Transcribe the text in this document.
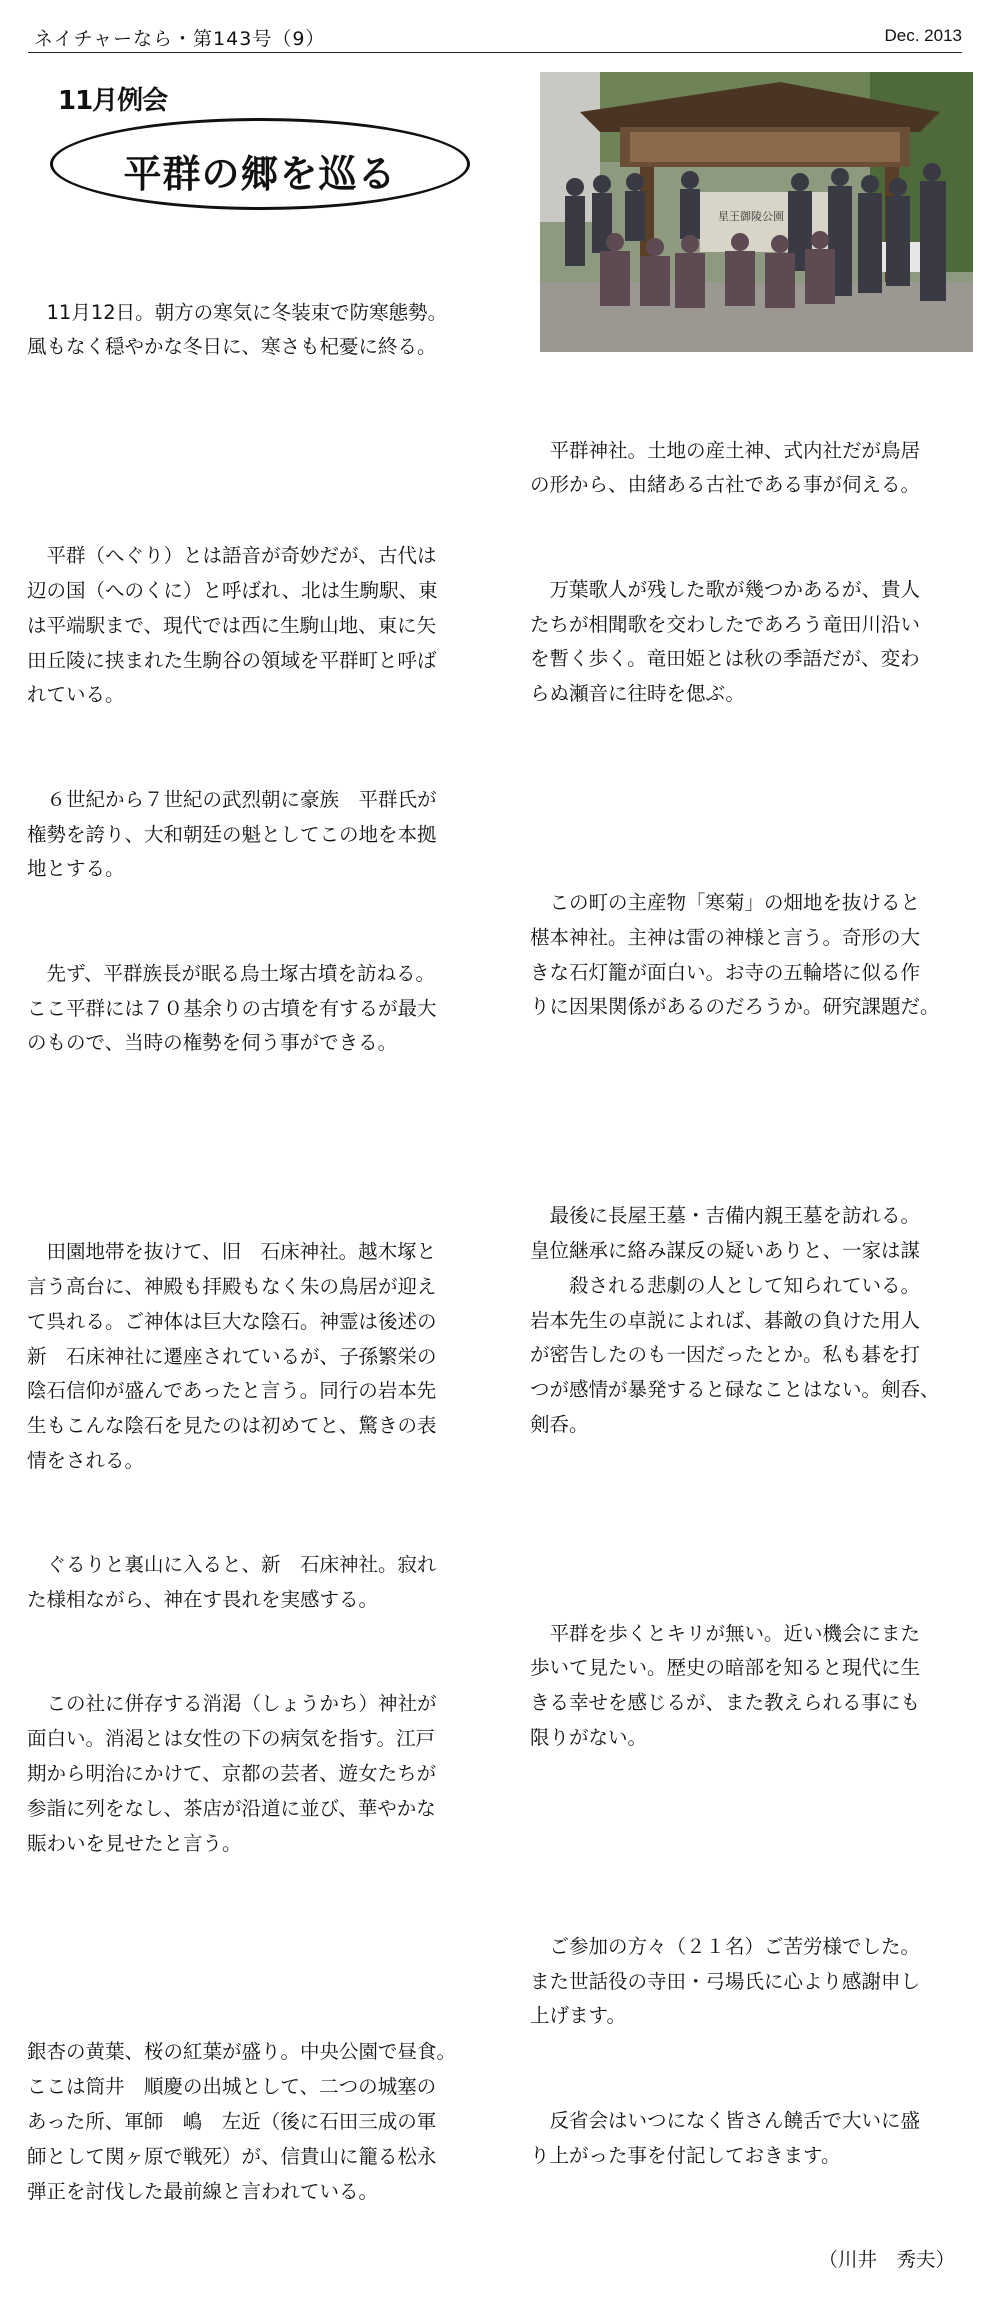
ネイチャーなら・第143号（9）	Dec. 2013
11月例会
平群の郷を巡る

　11月12日。朝方の寒気に冬装束で防寒態勢。
風もなく穏やかな冬日に、寒さも杞憂に終る。

　平群（へぐり）とは語音が奇妙だが、古代は
辺の国（へのくに）と呼ばれ、北は生駒駅、東
は平端駅まで、現代では西に生駒山地、東に矢
田丘陵に挟まれた生駒谷の領域を平群町と呼ば
れている。

　６世紀から７世紀の武烈朝に豪族　平群氏が
権勢を誇り、大和朝廷の魁としてこの地を本拠
地とする。

　先ず、平群族長が眠る烏土塚古墳を訪ねる。
ここ平群には７０基余りの古墳を有するが最大
のもので、当時の権勢を伺う事ができる。

　田園地帯を抜けて、旧　石床神社。越木塚と
言う高台に、神殿も拝殿もなく朱の鳥居が迎え
て呉れる。ご神体は巨大な陰石。神霊は後述の
新　石床神社に遷座されているが、子孫繁栄の
陰石信仰が盛んであったと言う。同行の岩本先
生もこんな陰石を見たのは初めてと、驚きの表
情をされる。

　ぐるりと裏山に入ると、新　石床神社。寂れ
た様相ながら、神在す畏れを実感する。

　この社に併存する消渇（しょうかち）神社が
面白い。消渇とは女性の下の病気を指す。江戸
期から明治にかけて、京都の芸者、遊女たちが
参詣に列をなし、茶店が沿道に並び、華やかな
賑わいを見せたと言う。

銀杏の黄葉、桜の紅葉が盛り。中央公園で昼食。
ここは筒井　順慶の出城として、二つの城塞の
あった所、軍師　嶋　左近（後に石田三成の軍
師として関ヶ原で戦死）が、信貴山に籠る松永
弾正を討伐した最前線と言われている。

星王御陵公園

　平群神社。土地の産土神、式内社だが鳥居
の形から、由緒ある古社である事が伺える。

　万葉歌人が残した歌が幾つかあるが、貴人
たちが相聞歌を交わしたであろう竜田川沿い
を暫く歩く。竜田姫とは秋の季語だが、変わ
らぬ瀬音に往時を偲ぶ。

　この町の主産物「寒菊」の畑地を抜けると
椹本神社。主神は雷の神様と言う。奇形の大
きな石灯籠が面白い。お寺の五輪塔に似る作
りに因果関係があるのだろうか。研究課題だ。

　最後に長屋王墓・吉備内親王墓を訪れる。
皇位継承に絡み謀反の疑いありと、一家は謀
　　殺される悲劇の人として知られている。
岩本先生の卓説によれば、碁敵の負けた用人
が密告したのも一因だったとか。私も碁を打
つが感情が暴発すると碌なことはない。剣呑、
剣呑。

　平群を歩くとキリが無い。近い機会にまた
歩いて見たい。歴史の暗部を知ると現代に生
きる幸せを感じるが、また教えられる事にも
限りがない。

　ご参加の方々（２１名）ご苦労様でした。
また世話役の寺田・弓場氏に心より感謝申し
上げます。

　反省会はいつになく皆さん饒舌で大いに盛
り上がった事を付記しておきます。

（川井　秀夫）
